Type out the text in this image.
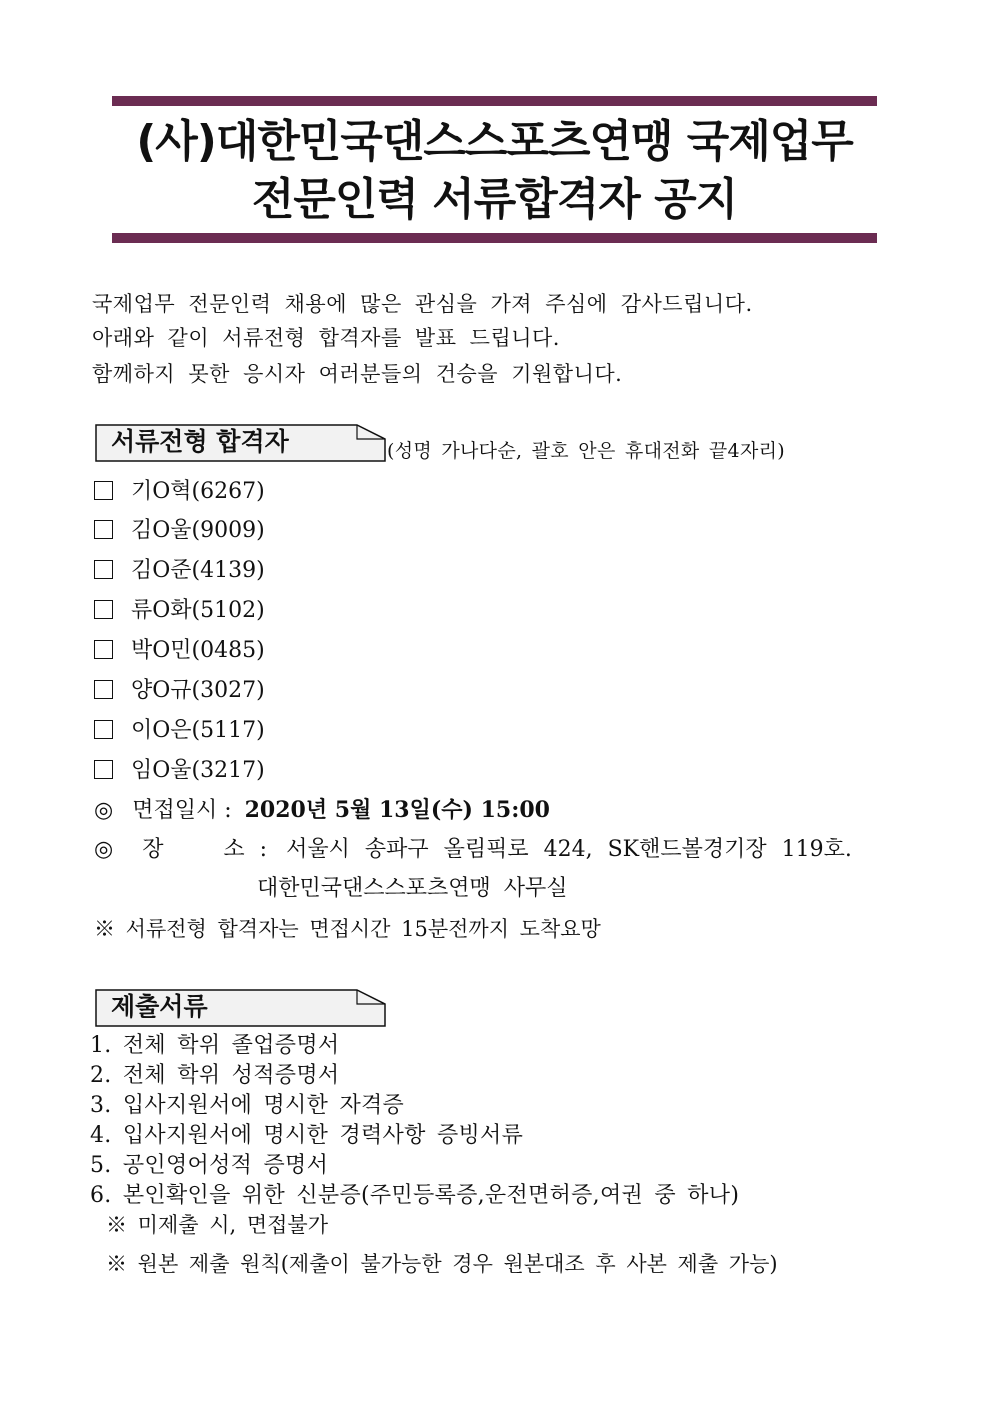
(사)대한민국댄스스포츠연맹 국제업무
전문인력 서류합격자 공지
국제업무 전문인력 채용에 많은 관심을 가져 주심에 감사드립니다.
아래와 같이 서류전형 합격자를 발표 드립니다.
함께하지 못한 응시자 여러분들의 건승을 기원합니다.
서류전형 합격자	(성명 가나다순, 괄호 안은 휴대전화 끝4자리)
기O혁(6267)
김O울(9009)
김O준(4139)
류O화(5102)
박O민(0485)
양O규(3027)
이O은(5117)
임O울(3217)
◎ 면접일시 : 2020년 5월 13일(수) 15:00
◎ 장    소 : 서울시 송파구 올림픽로 424, SK핸드볼경기장 119호.
대한민국댄스스포츠연맹 사무실
※ 서류전형 합격자는 면접시간 15분전까지 도착요망
제출서류
1. 전체 학위 졸업증명서
2. 전체 학위 성적증명서
3. 입사지원서에 명시한 자격증
4. 입사지원서에 명시한 경력사항 증빙서류
5. 공인영어성적 증명서
6. 본인확인을 위한 신분증(주민등록증,운전면허증,여권 중 하나)
※ 미제출 시, 면접불가
※ 원본 제출 원칙(제출이 불가능한 경우 원본대조 후 사본 제출 가능)
